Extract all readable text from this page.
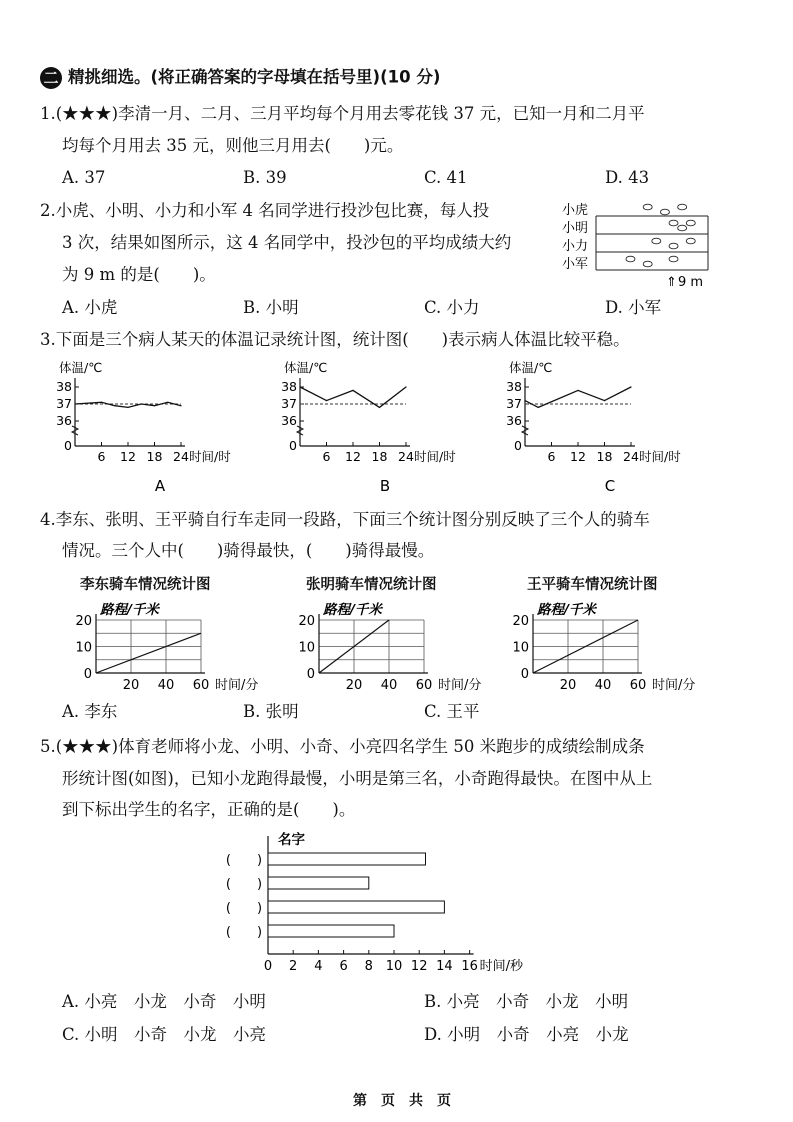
二 精挑细选。(将正确答案的字母填在括号里)(10 分)
1.(★★★)李清一月、二月、三月平均每个月用去零花钱 37 元，已知一月和二月平
均每个月用去 35 元，则他三月用去(　　)元。
A. 37	B. 39	C. 41	D. 43
2.小虎、小明、小力和小军 4 名同学进行投沙包比赛，每人投
3 次，结果如图所示，这 4 名同学中，投沙包的平均成绩大约
为 9 m 的是(　　)。
A. 小虎	B. 小明	C. 小力	D. 小军
小虎
小明
小力
小军
⇑ 9 m
3.下面是三个病人某天的体温记录统计图，统计图(　　)表示病人体温比较平稳。
体温/℃
38
37
36
0
6 12 18 24 时间/时
A
体温/℃
38
37
36
0
6 12 18 24 时间/时
B
体温/℃
38
37
36
0
6 12 18 24 时间/时
C
4.李东、张明、王平骑自行车走同一段路，下面三个统计图分别反映了三个人的骑车
情况。三个人中(　　)骑得最快，(　　)骑得最慢。
李东骑车情况统计图	张明骑车情况统计图	王平骑车情况统计图
路程/千米
20
10
0
20 40 60 时间/分
路程/千米
20
10
0
20 40 60 时间/分
路程/千米
20
10
0
20 40 60 时间/分
A. 李东	B. 张明	C. 王平
5.(★★★)体育老师将小龙、小明、小奇、小亮四名学生 50 米跑步的成绩绘制成条
形统计图(如图)，已知小龙跑得最慢，小明是第三名，小奇跑得最快。在图中从上
到下标出学生的名字，正确的是(　　)。
名字
(　　)
(　　)
(　　)
(　　)
0 2 4 6 8 10 12 14 16 时间/秒
A. 小亮　小龙　小奇　小明	B. 小亮　小奇　小龙　小明
C. 小明　小奇　小龙　小亮	D. 小明　小奇　小亮　小龙
第　页　共　页
